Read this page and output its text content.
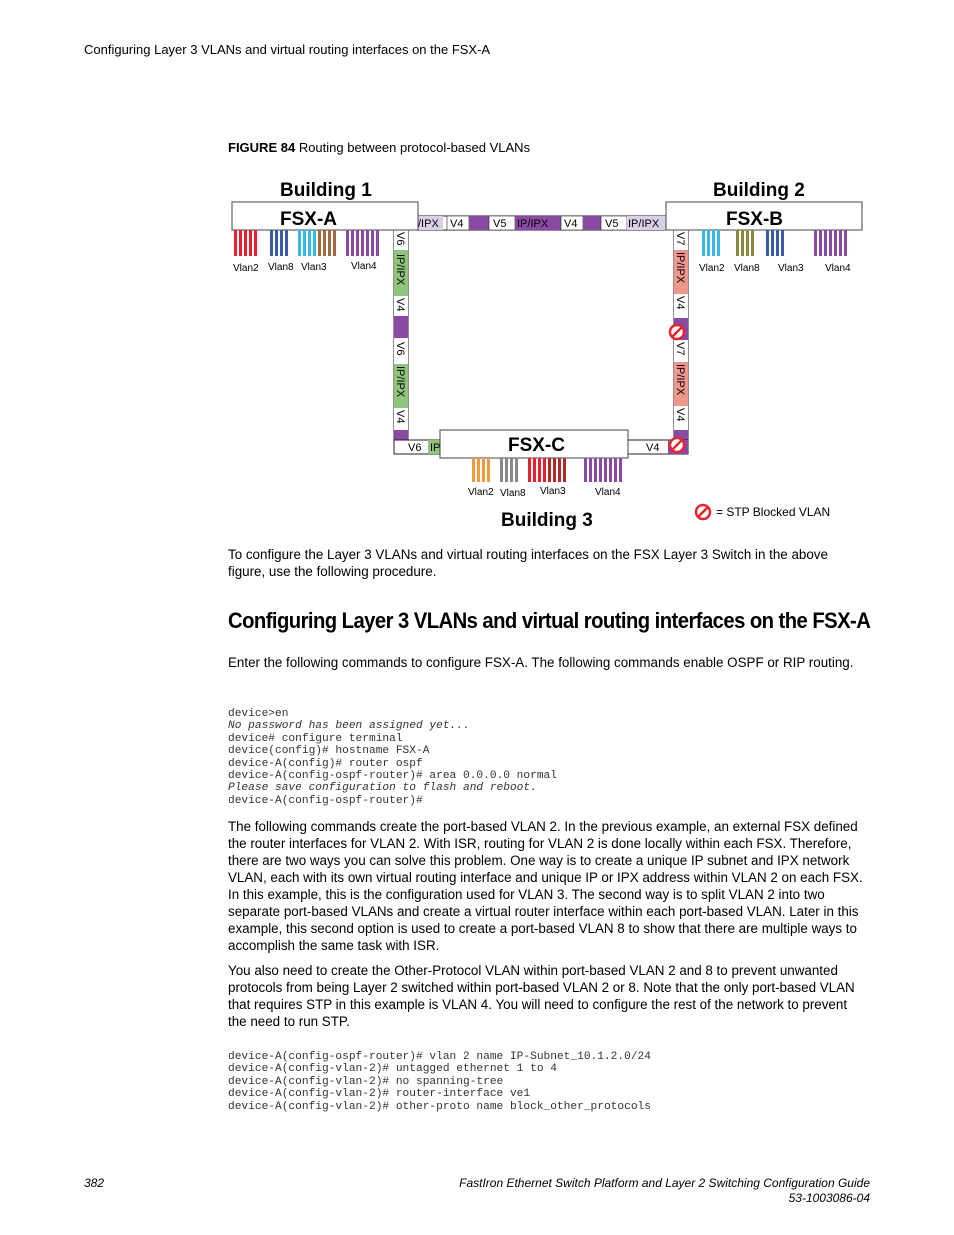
Configuring Layer 3 VLANs and virtual routing interfaces on the FSX-A
FIGURE 84 Routing between protocol-based VLANs
Building 1	Building 2
Building 3
/IPX V4	V5 IP/IPX V4	V5 IP/IPX
V6
IP/IPX
V4
V6
IP/IPX
V4
V7
IP/IPX
V4
V7
IP/IPX
V4
V6 IP	V4
FSX-A	FSX-B
FSX-C
Vlan2 Vlan8 Vlan3 Vlan4	Vlan2 Vlan8 Vlan3 Vlan4
Vlan2 Vlan8 Vlan3	Vlan4
= STP Blocked VLAN
To configure the Layer 3 VLANs and virtual routing interfaces on the FSX Layer 3 Switch in the above figure, use the following procedure.
Configuring Layer 3 VLANs and virtual routing interfaces on the FSX-A
Enter the following commands to configure FSX-A. The following commands enable OSPF or RIP routing.
device>en
No password has been assigned yet...
device# configure terminal
device(config)# hostname FSX-A
device-A(config)# router ospf
device-A(config-ospf-router)# area 0.0.0.0 normal
Please save configuration to flash and reboot.
device-A(config-ospf-router)#
The following commands create the port-based VLAN 2. In the previous example, an external FSX defined the router interfaces for VLAN 2. With ISR, routing for VLAN 2 is done locally within each FSX. Therefore, there are two ways you can solve this problem. One way is to create a unique IP subnet and IPX network VLAN, each with its own virtual routing interface and unique IP or IPX address within VLAN 2 on each FSX. In this example, this is the configuration used for VLAN 3. The second way is to split VLAN 2 into two separate port-based VLANs and create a virtual router interface within each port-based VLAN. Later in this example, this second option is used to create a port-based VLAN 8 to show that there are multiple ways to accomplish the same task with ISR.
You also need to create the Other-Protocol VLAN within port-based VLAN 2 and 8 to prevent unwanted protocols from being Layer 2 switched within port-based VLAN 2 or 8. Note that the only port-based VLAN that requires STP in this example is VLAN 4. You will need to configure the rest of the network to prevent the need to run STP.
device-A(config-ospf-router)# vlan 2 name IP-Subnet_10.1.2.0/24
device-A(config-vlan-2)# untagged ethernet 1 to 4
device-A(config-vlan-2)# no spanning-tree
device-A(config-vlan-2)# router-interface ve1
device-A(config-vlan-2)# other-proto name block_other_protocols
382	FastIron Ethernet Switch Platform and Layer 2 Switching Configuration Guide
53-1003086-04
